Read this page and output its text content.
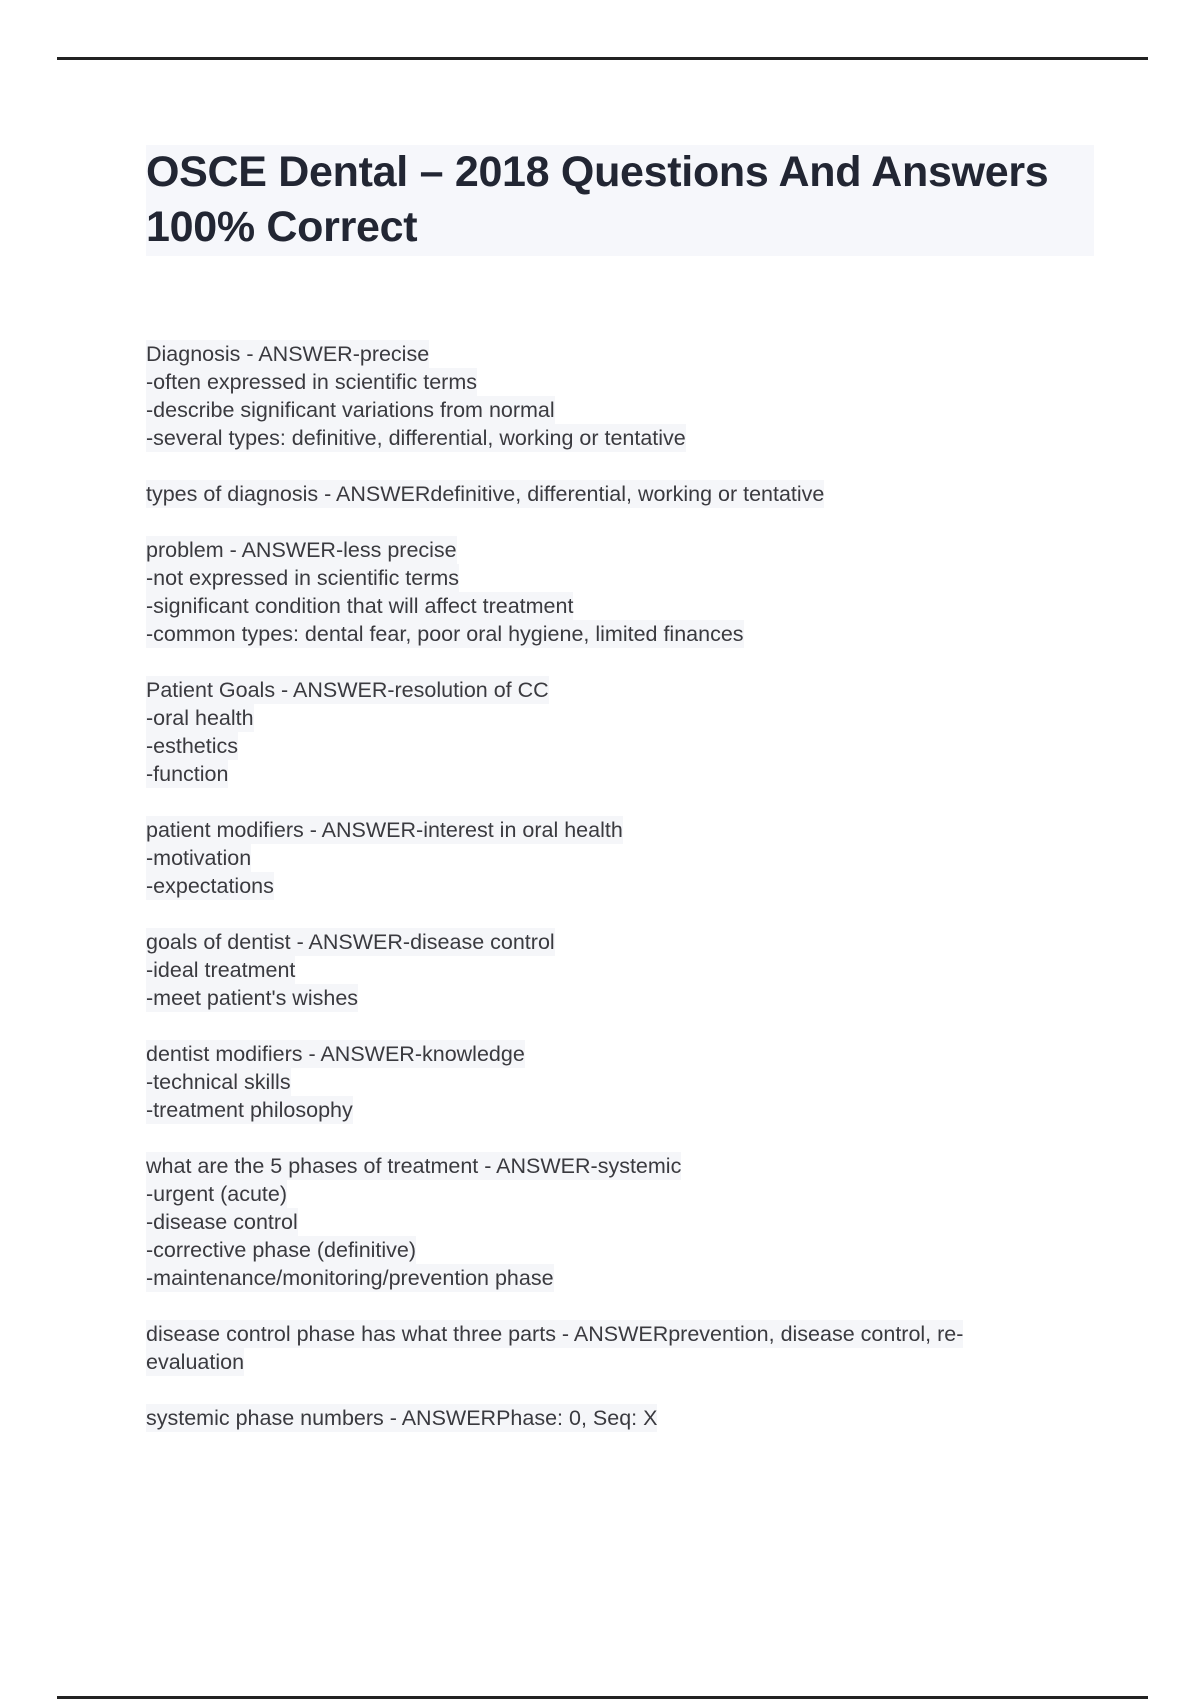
OSCE Dental – 2018 Questions And Answers 100% Correct

Diagnosis - ANSWER-precise
-often expressed in scientific terms
-describe significant variations from normal
-several types: definitive, differential, working or tentative

types of diagnosis - ANSWERdefinitive, differential, working or tentative

problem - ANSWER-less precise
-not expressed in scientific terms
-significant condition that will affect treatment
-common types: dental fear, poor oral hygiene, limited finances

Patient Goals - ANSWER-resolution of CC
-oral health
-esthetics
-function

patient modifiers - ANSWER-interest in oral health
-motivation
-expectations

goals of dentist - ANSWER-disease control
-ideal treatment
-meet patient's wishes

dentist modifiers - ANSWER-knowledge
-technical skills
-treatment philosophy

what are the 5 phases of treatment - ANSWER-systemic
-urgent (acute)
-disease control
-corrective phase (definitive)
-maintenance/monitoring/prevention phase

disease control phase has what three parts - ANSWERprevention, disease control, re-
evaluation

systemic phase numbers - ANSWERPhase: 0, Seq: X
